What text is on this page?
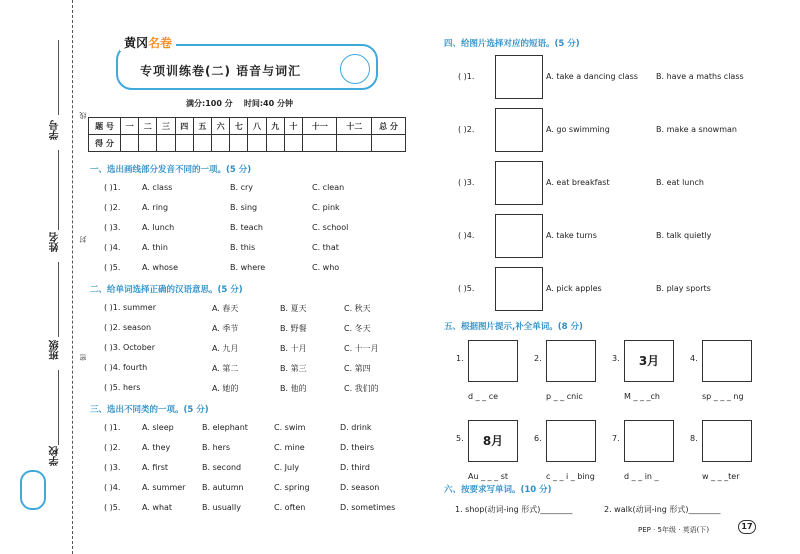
学号
姓名
班级
学校
线
封
密
黄冈名卷
专项训练卷(二) 语音与词汇
满分:100 分 时间:40 分钟
题 号	一	二	三	四	五	六	七	八	九	十	十一	十二	总 分
得 分													
一、选出画线部分发音不同的一项。(5 分)
( )1.	A. class	B. cry	C. clean
( )2.	A. ring	B. sing	C. pink
( )3.	A. lunch	B. teach	C. school
( )4.	A. thin	B. this	C. that
( )5.	A. whose	B. where	C. who
二、给单词选择正确的汉语意思。(5 分)
( )1. summer	A. 春天	B. 夏天	C. 秋天
( )2. season	A. 季节	B. 野餐	C. 冬天
( )3. October	A. 九月	B. 十月	C. 十一月
( )4. fourth	A. 第二	B. 第三	C. 第四
( )5. hers	A. 她的	B. 他的	C. 我们的
三、选出不同类的一项。(5 分)
( )1.	A. sleep	B. elephant	C. swim	D. drink
( )2.	A. they	B. hers	C. mine	D. theirs
( )3.	A. first	B. second	C. July	D. third
( )4.	A. summer B. autumn	C. spring	D. season
( )5.	A. what	B. usually	C. often	D. sometimes
四、给图片选择对应的短语。(5 分)
( )1.	A. take a dancing class B. have a maths class
( )2.	A. go swimming	B. make a snowman
( )3.	A. eat breakfast	B. eat lunch
( )4.	A. take turns	B. talk quietly
( )5.	A. pick apples	B. play sports
五、根据图片提示,补全单词。(8 分)
1.
d _ _ ce
2.
p _ _ cnic
3.	3月
M _ _ _ch
4.
sp _ _ _ ng
5.	8月
Au _ _ _ st
6.
c _ _ i _ bing
7.
d _ _ in _
8.
w _ _ _ter
六、按要求写单词。(10 分)
1. shop(动词-ing 形式)________	2. walk(动词-ing 形式)________
PEP · 5年级 · 英语(下)	17
